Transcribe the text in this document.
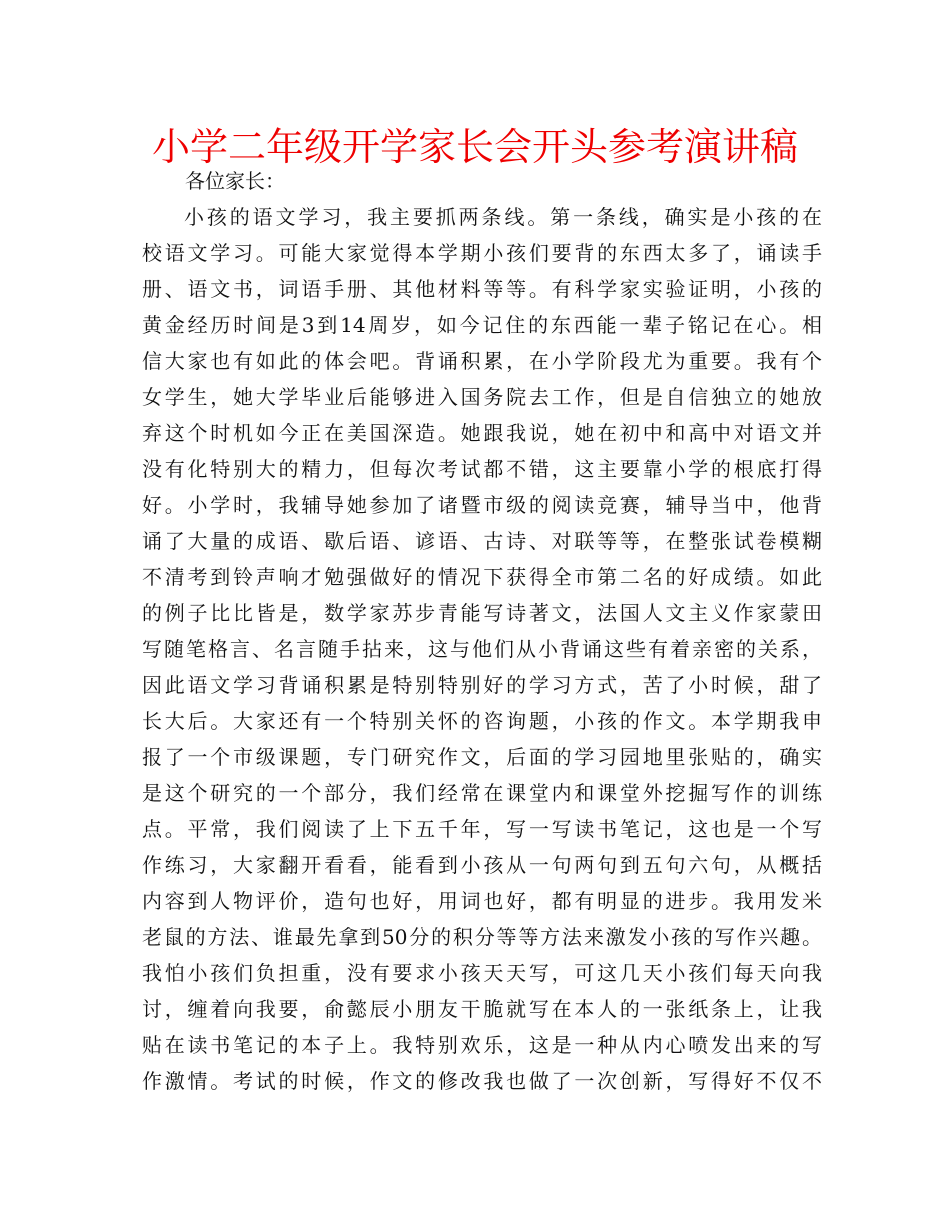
小学二年级开学家长会开头参考演讲稿
各位家长：
小孩的语文学习，我主要抓两条线。第一条线，确实是小孩的在
校语文学习。可能大家觉得本学期小孩们要背的东西太多了，诵读手
册、语文书，词语手册、其他材料等等。有科学家实验证明，小孩的
黄金经历时间是3到14周岁，如今记住的东西能一辈子铭记在心。相
信大家也有如此的体会吧。背诵积累，在小学阶段尤为重要。我有个
女学生，她大学毕业后能够进入国务院去工作，但是自信独立的她放
弃这个时机如今正在美国深造。她跟我说，她在初中和高中对语文并
没有化特别大的精力，但每次考试都不错，这主要靠小学的根底打得
好。小学时，我辅导她参加了诸暨市级的阅读竞赛，辅导当中，他背
诵了大量的成语、歇后语、谚语、古诗、对联等等，在整张试卷模糊
不清考到铃声响才勉强做好的情况下获得全市第二名的好成绩。如此
的例子比比皆是，数学家苏步青能写诗著文，法国人文主义作家蒙田
写随笔格言、名言随手拈来，这与他们从小背诵这些有着亲密的关系，
因此语文学习背诵积累是特别特别好的学习方式，苦了小时候，甜了
长大后。大家还有一个特别关怀的咨询题，小孩的作文。本学期我申
报了一个市级课题，专门研究作文，后面的学习园地里张贴的，确实
是这个研究的一个部分，我们经常在课堂内和课堂外挖掘写作的训练
点。平常，我们阅读了上下五千年，写一写读书笔记，这也是一个写
作练习，大家翻开看看，能看到小孩从一句两句到五句六句，从概括
内容到人物评价，造句也好，用词也好，都有明显的进步。我用发米
老鼠的方法、谁最先拿到50分的积分等等方法来激发小孩的写作兴趣。
我怕小孩们负担重，没有要求小孩天天写，可这几天小孩们每天向我
讨，缠着向我要，俞懿辰小朋友干脆就写在本人的一张纸条上，让我
贴在读书笔记的本子上。我特别欢乐，这是一种从内心喷发出来的写
作激情。考试的时候，作文的修改我也做了一次创新，写得好不仅不
